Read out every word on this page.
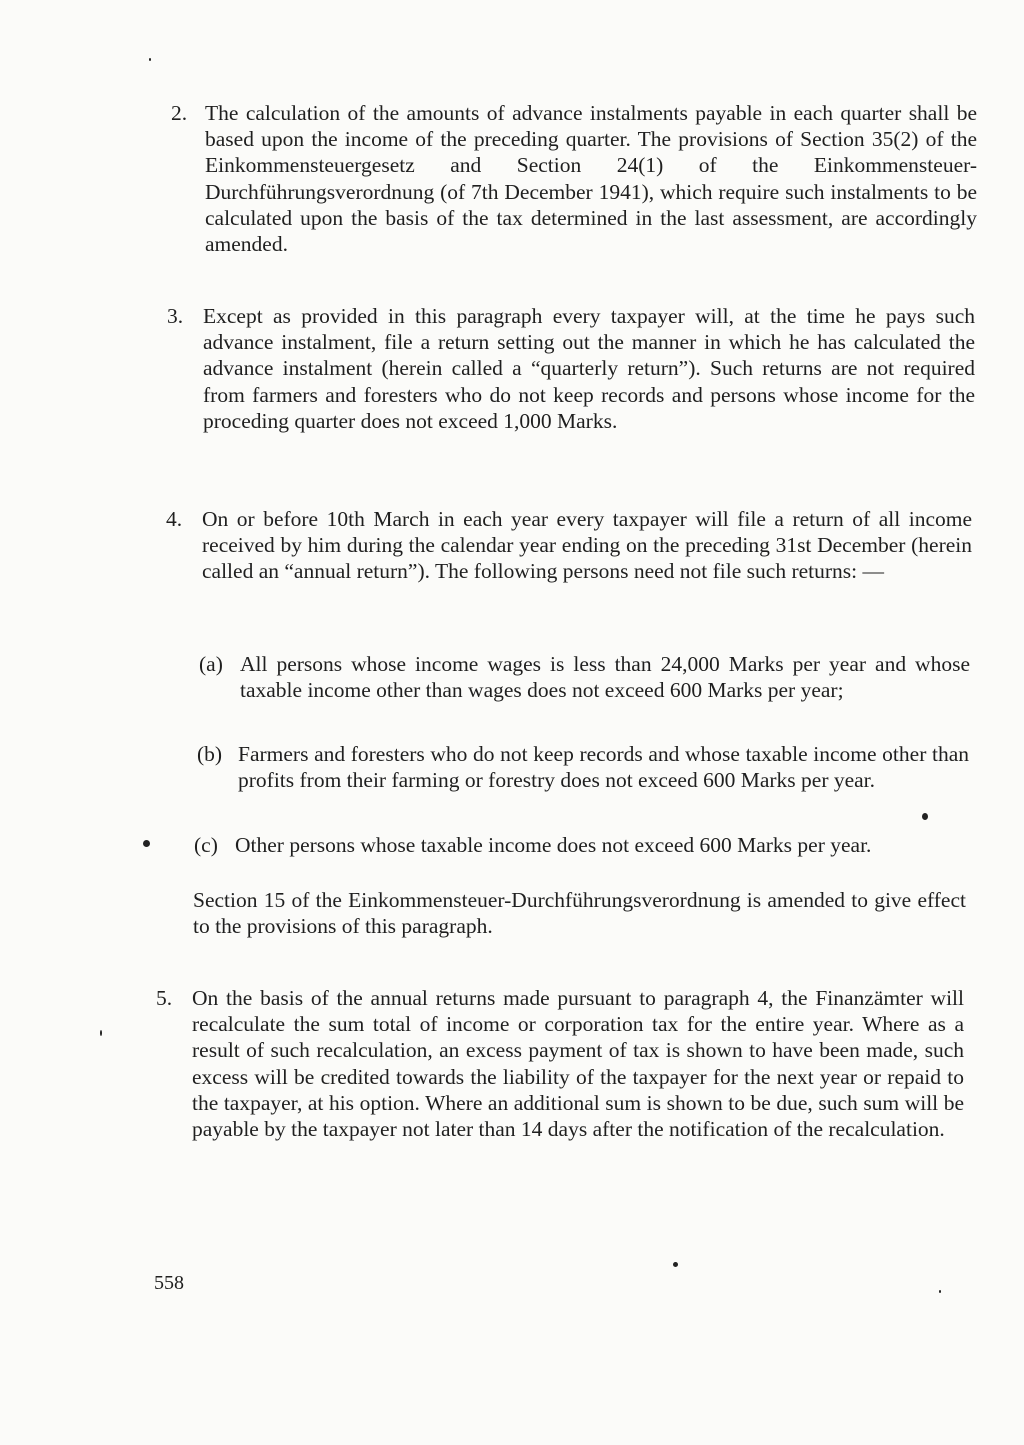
2. The calculation of the amounts of advance instalments payable in each quarter shall be based upon the income of the preceding quarter. The provisions of Section 35(2) of the Einkommensteuergesetz and Section 24(1) of the Einkommensteuer-Durchführungsverordnung (of 7th December 1941), which require such instalments to be calculated upon the basis of the tax determined in the last assessment, are accordingly amended.

3. Except as provided in this paragraph every taxpayer will, at the time he pays such advance instalment, file a return setting out the manner in which he has calculated the advance instalment (herein called a “quarterly return”). Such returns are not required from farmers and foresters who do not keep records and persons whose income for the proceding quarter does not exceed 1,000 Marks.

4. On or before 10th March in each year every taxpayer will file a return of all income received by him during the calendar year ending on the preceding 31st December (herein called an “annual return”). The following persons need not file such returns: —

(a) All persons whose income wages is less than 24,000 Marks per year and whose taxable income other than wages does not exceed 600 Marks per year;

(b) Farmers and foresters who do not keep records and whose taxable income other than profits from their farming or forestry does not exceed 600 Marks per year.

(c) Other persons whose taxable income does not exceed 600 Marks per year.

Section 15 of the Einkommensteuer-Durchführungsverordnung is amended to give effect to the provisions of this paragraph.

5. On the basis of the annual returns made pursuant to paragraph 4, the Finanzämter will recalculate the sum total of income or corporation tax for the entire year. Where as a result of such recalculation, an excess payment of tax is shown to have been made, such excess will be credited towards the liability of the taxpayer for the next year or repaid to the taxpayer, at his option. Where an additional sum is shown to be due, such sum will be payable by the taxpayer not later than 14 days after the notification of the recalculation.

558
